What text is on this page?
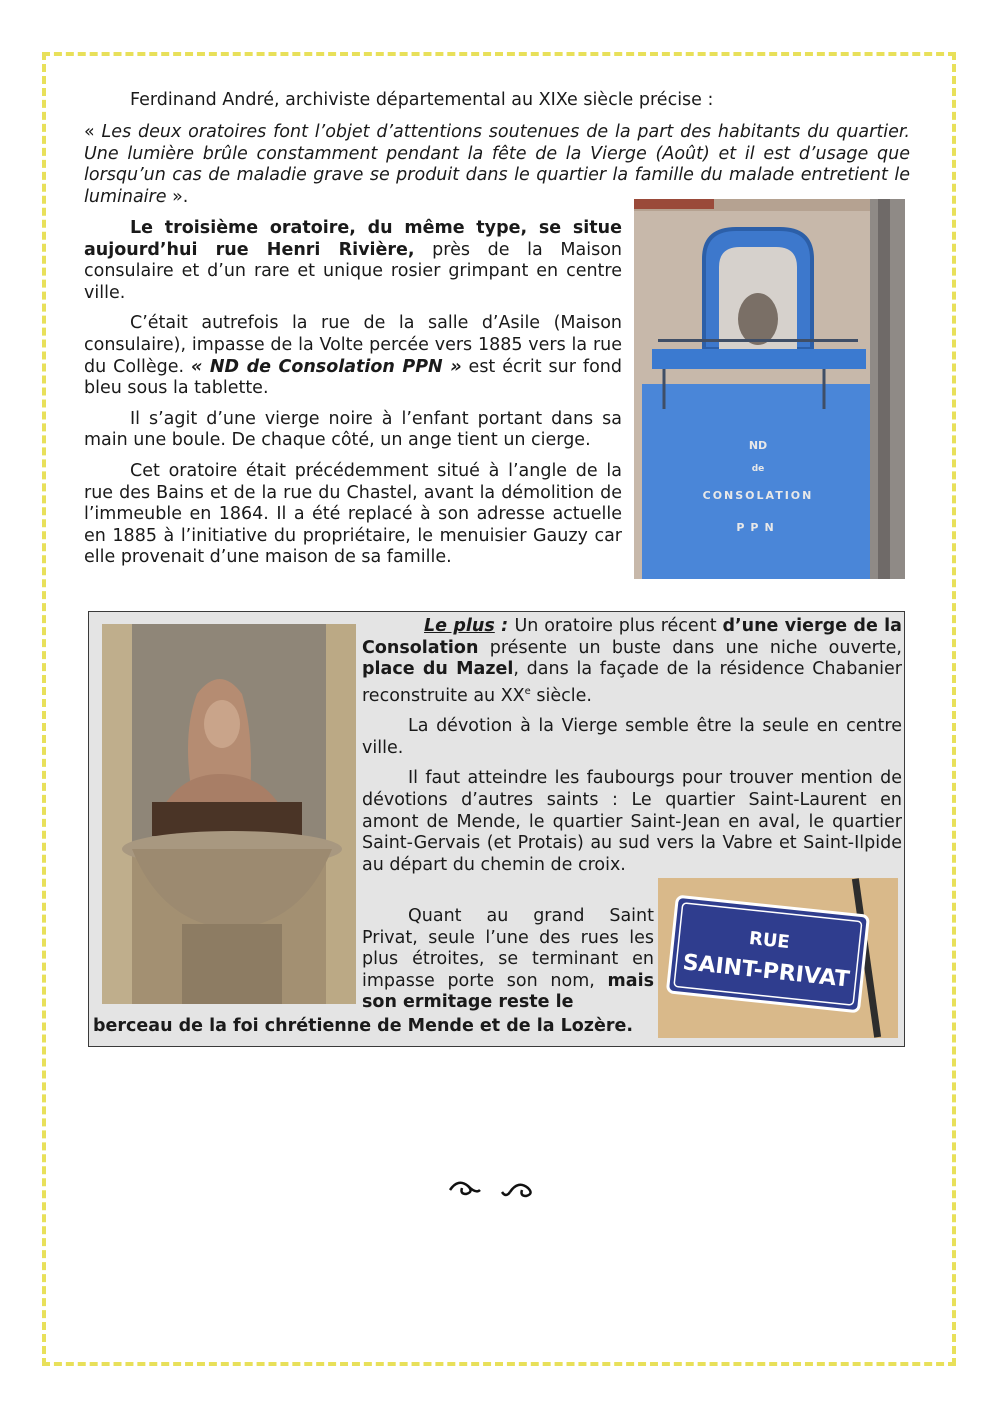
Ferdinand André, archiviste départemental au XIXe siècle précise :
« Les deux oratoires font l’objet d’attentions soutenues de la part des habitants du quartier. Une lumière brûle constamment pendant la fête de la Vierge (Août) et il est d’usage que lorsqu’un cas de maladie grave se produit dans le quartier la famille du malade entretient le luminaire ».

Le troisième oratoire, du même type, se situe aujourd’hui rue Henri Rivière, près de la Maison consulaire et d’un rare et unique rosier grimpant en centre ville.

C’était autrefois la rue de la salle d’Asile (Maison consulaire), impasse de la Volte percée vers 1885 vers la rue du Collège. « ND de Consolation PPN » est écrit sur fond bleu sous la tablette.

Il s’agit d’une vierge noire à l’enfant portant dans sa main une boule. De chaque côté, un ange tient un cierge.

Cet oratoire était précédemment situé à l’angle de la rue des Bains et de la rue du Chastel, avant la démolition de l’immeuble en 1864. Il a été replacé à son adresse actuelle en 1885 à l’initiative du propriétaire, le menuisier Gauzy car elle provenait d’une maison de sa famille.

ND
de
CONSOLATION
PPN

Le plus : Un oratoire plus récent d’une vierge de la Consolation présente un buste dans une niche ouverte, place du Mazel, dans la façade de la résidence Chabanier reconstruite au XXe siècle.

La dévotion à la Vierge semble être la seule en centre ville.

Il faut atteindre les faubourgs pour trouver mention de dévotions d’autres saints : Le quartier Saint-Laurent en amont de Mende, le quartier Saint-Jean en aval, le quartier Saint-Gervais (et Protais) au sud vers la Vabre et Saint-Ilpide au départ du chemin de croix.

Quant au grand Saint Privat, seule l’une des rues les plus étroites, se terminant en impasse porte son nom, mais son ermitage reste le

berceau de la foi chrétienne de Mende et de la Lozère.
RUE
SAINT-PRIVAT
